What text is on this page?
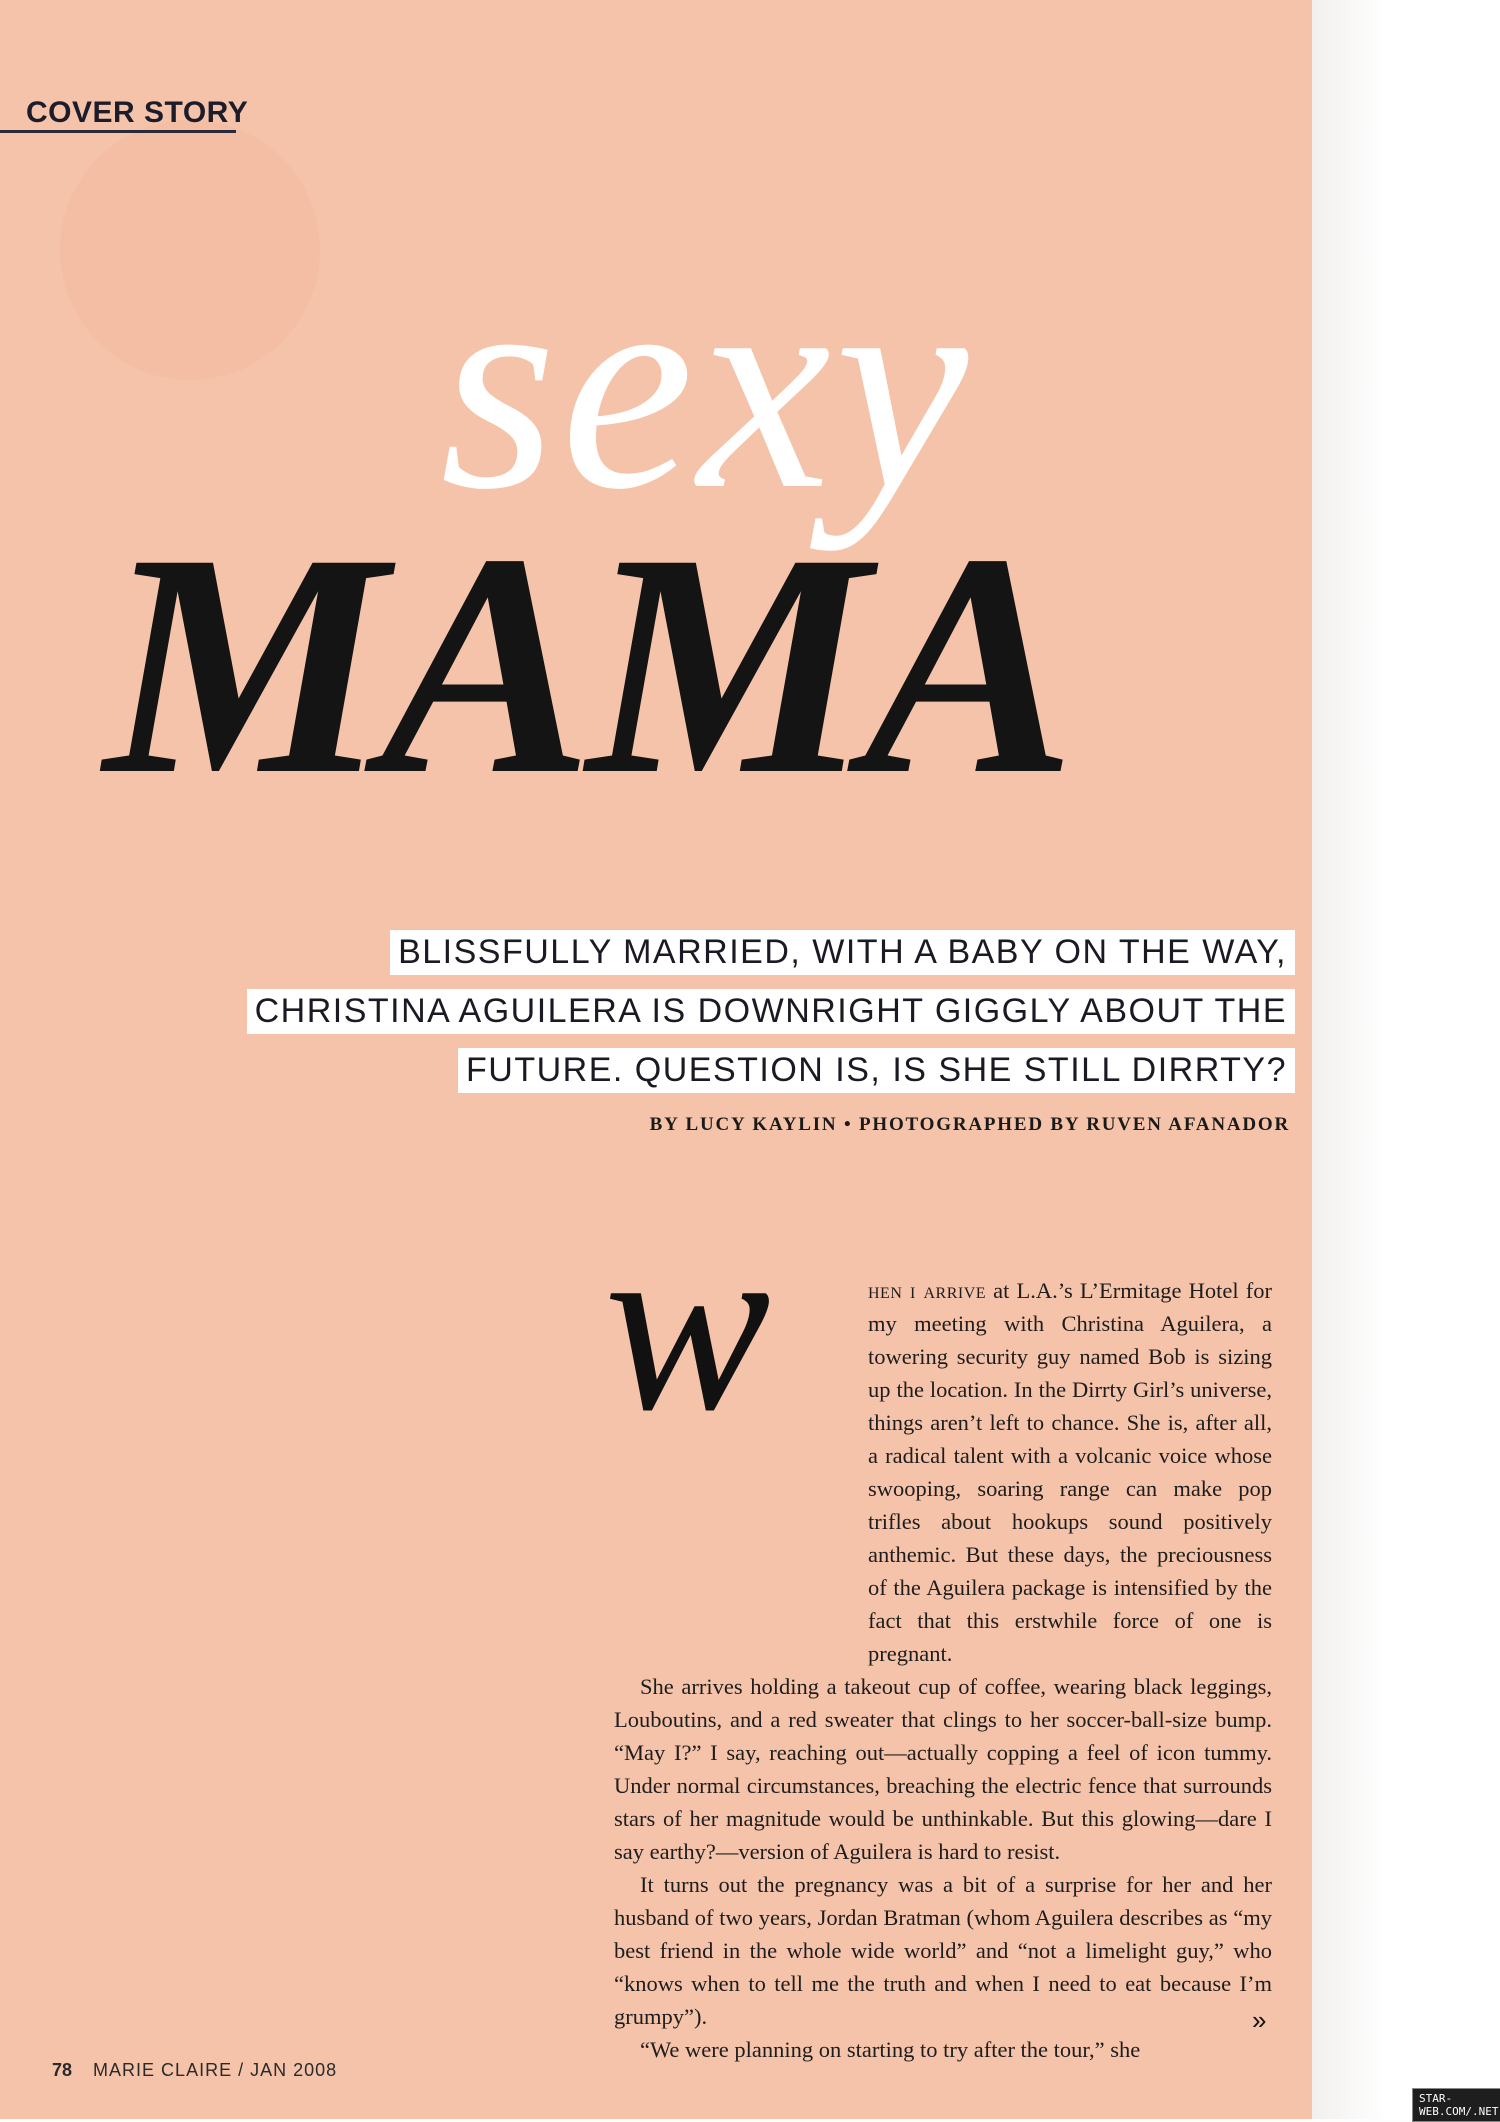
COVER STORY
sexy
MAMA
BLISSFULLY MARRIED, WITH A BABY ON THE WAY,
CHRISTINA AGUILERA IS DOWNRIGHT GIGGLY ABOUT THE
FUTURE. QUESTION IS, IS SHE STILL DIRRTY?
BY LUCY KAYLIN • PHOTOGRAPHED BY RUVEN AFANADOR
w	hen i arrive at L.A.’s L’Ermitage Hotel for my meeting with Christina Aguilera, a towering security guy named Bob is sizing up the location. In the Dirrty Girl’s universe, things aren’t left to chance. She is, after all, a radical talent with a volcanic voice whose swooping, soaring range can make pop trifles about hookups sound positively anthemic. But these days, the preciousness of the Aguilera package is intensified by the fact that this erstwhile force of one is pregnant.

She arrives holding a takeout cup of coffee, wearing black leggings, Louboutins, and a red sweater that clings to her soccer-ball-size bump. “May I?” I say, reaching out—actually copping a feel of icon tummy. Under normal circumstances, breaching the electric fence that surrounds stars of her magnitude would be unthinkable. But this glowing—dare I say earthy?—version of Aguilera is hard to resist.

It turns out the pregnancy was a bit of a surprise for her and her husband of two years, Jordan Bratman (whom Aguilera describes as “my best friend in the whole wide world” and “not a limelight guy,” who “knows when to tell me the truth and when I need to eat because I’m grumpy”).

“We were planning on starting to try after the tour,” she

»
78 MARIE CLAIRE / JAN 2008
STAR-WEB.COM/.NET
